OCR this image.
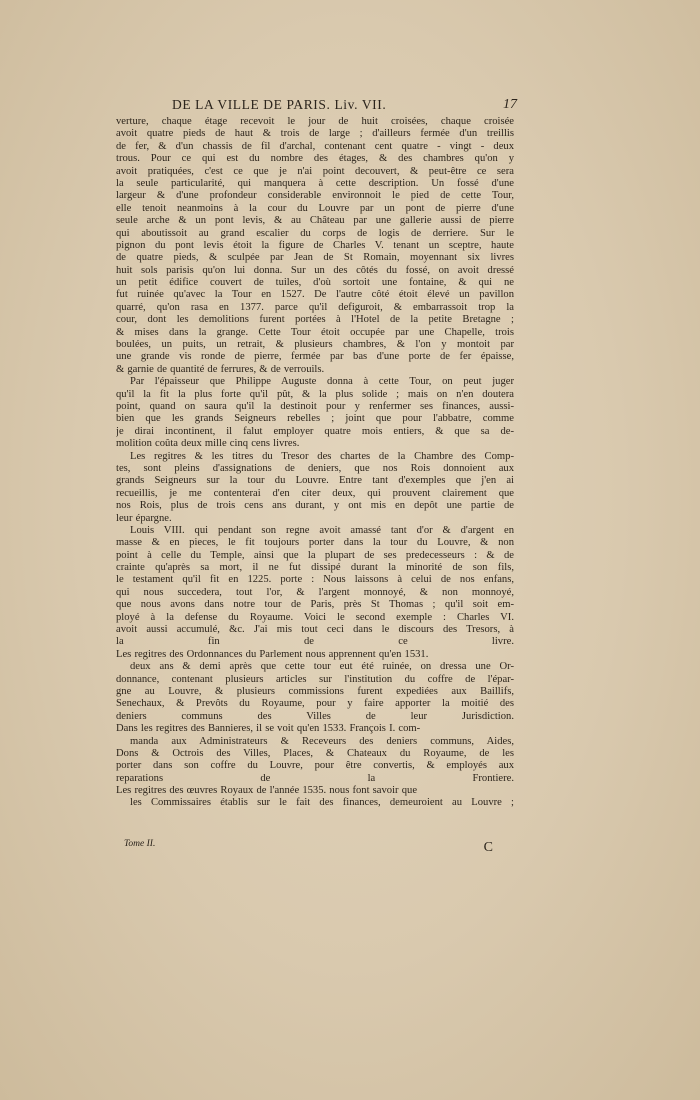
DE LA VILLE DE PARIS. Liv. VII.	17

verture, chaque étage recevoit le jour de huit croisées, chaque croisée

avoit quatre pieds de haut & trois de large ; d'ailleurs fermée d'un treillis

de fer, & d'un chassis de fil d'archal, contenant cent quatre - vingt - deux

trous. Pour ce qui est du nombre des étages, & des chambres qu'on y

avoit pratiquées, c'est ce que je n'ai point decouvert, & peut-être ce sera

la seule particularité, qui manquera à cette description. Un fossé d'une

largeur & d'une profondeur considerable environnoit le pied de cette Tour,

elle tenoit neanmoins à la cour du Louvre par un pont de pierre d'une

seule arche & un pont levis, & au Château par une gallerie aussi de pierre

qui aboutissoit au grand escalier du corps de logis de derriere. Sur le

pignon du pont levis étoit la figure de Charles V. tenant un sceptre, haute

de quatre pieds, & sculpée par Jean de St Romain, moyennant six livres

huit sols parisis qu'on lui donna. Sur un des côtés du fossé, on avoit dressé

un petit édifice couvert de tuiles, d'où sortoit une fontaine, & qui ne

fut ruinée qu'avec la Tour en 1527. De l'autre côté étoit élevé un pavillon

quarré, qu'on rasa en 1377. parce qu'il defiguroit, & embarrassoit trop la

cour, dont les demolitions furent portées à l'Hotel de la petite Bretagne ;

& mises dans la grange. Cette Tour étoit occupée par une Chapelle, trois

boulées, un puits, un retrait, & plusieurs chambres, & l'on y montoit par

une grande vis ronde de pierre, fermée par bas d'une porte de fer épaisse,

& garnie de quantité de ferrures, & de verrouils.

Par l'épaisseur que Philippe Auguste donna à cette Tour, on peut juger

qu'il la fit la plus forte qu'il pût, & la plus solide ; mais on n'en doutera

point, quand on saura qu'il la destinoit pour y renfermer ses finances, aussi-

bien que les grands Seigneurs rebelles ; joint que pour l'abbatre, comme

je dirai incontinent, il falut employer quatre mois entiers, & que sa de-

molition coûta deux mille cinq cens livres.

Les regitres & les titres du Tresor des chartes de la Chambre des Comp-

tes, sont pleins d'assignations de deniers, que nos Rois donnoient aux

grands Seigneurs sur la tour du Louvre. Entre tant d'exemples que j'en ai

recueillis, je me contenterai d'en citer deux, qui prouvent clairement que

nos Rois, plus de trois cens ans durant, y ont mis en depôt une partie de

leur épargne.

Louis VIII. qui pendant son regne avoit amassé tant d'or & d'argent en

masse & en pieces, le fit toujours porter dans la tour du Louvre, & non

point à celle du Temple, ainsi que la plupart de ses predecesseurs : & de

crainte qu'après sa mort, il ne fut dissipé durant la minorité de son fils,

le testament qu'il fit en 1225. porte : Nous laissons à celui de nos enfans,

qui nous succedera, tout l'or, & l'argent monnoyé, & non monnoyé,

que nous avons dans notre tour de Paris, près St Thomas ; qu'il soit em-

ployé à la defense du Royaume. Voici le second exemple : Charles VI.

avoit aussi accumulé, &c. J'ai mis tout ceci dans le discours des Tresors, à

la fin de ce livre.

Les regitres des Ordonnances du Parlement nous apprennent qu'en 1531.

deux ans & demi après que cette tour eut été ruinée, on dressa une Or-

donnance, contenant plusieurs articles sur l'institution du coffre de l'épar-

gne au Louvre, & plusieurs commissions furent expediées aux Baillifs,

Senechaux, & Prevôts du Royaume, pour y faire apporter la moitié des

deniers communs des Villes de leur Jurisdiction.

Dans les regitres des Bannieres, il se voit qu'en 1533. François I. com-

manda aux Administrateurs & Receveurs des deniers communs, Aides,

Dons & Octrois des Villes, Places, & Chateaux du Royaume, de les

porter dans son coffre du Louvre, pour être convertis, & employés aux

reparations de la Frontiere.

Les regitres des œuvres Royaux de l'année 1535. nous font savoir que

les Commissaires établis sur le fait des finances, demeuroient au Louvre ;

Tome II.	C
